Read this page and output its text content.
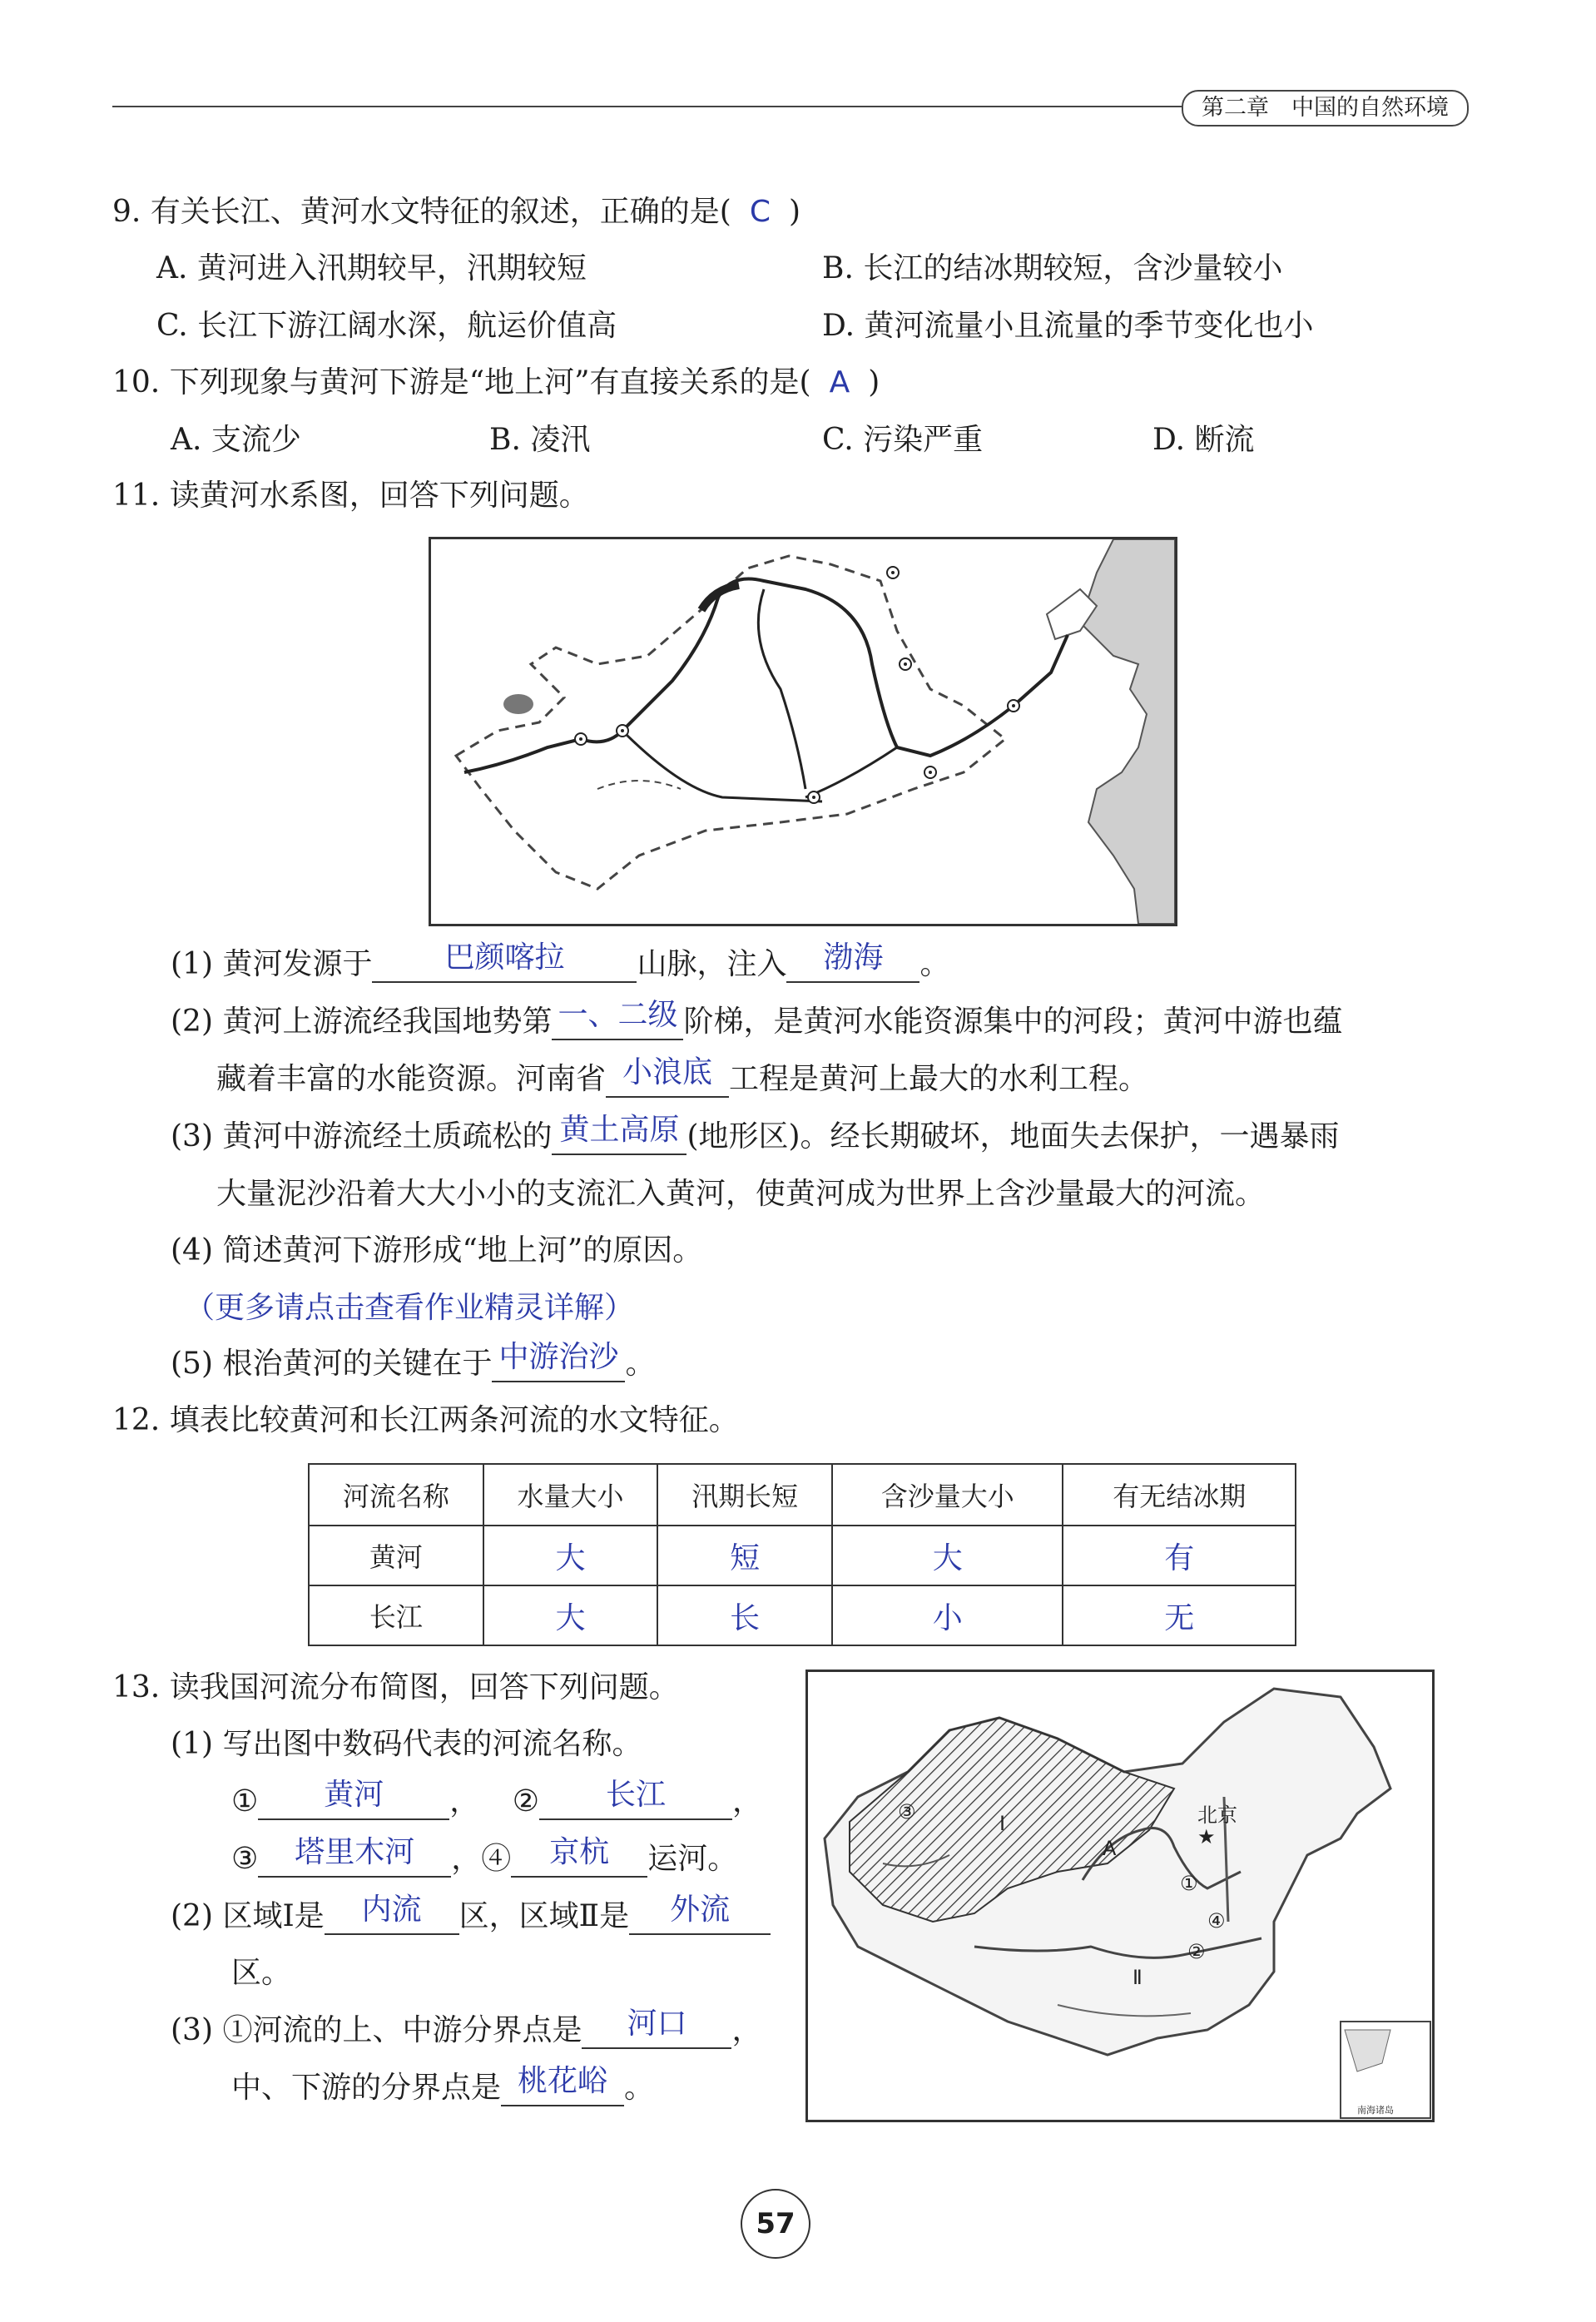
第二章　中国的自然环境
9. 有关长江、黄河水文特征的叙述，正确的是( C )
A. 黄河进入汛期较早，汛期较短	B. 长江的结冰期较短，含沙量较小
C. 长江下游江阔水深，航运价值高	D. 黄河流量小且流量的季节变化也小
10. 下列现象与黄河下游是“地上河”有直接关系的是( A )
A. 支流少	B. 凌汛	C. 污染严重	D. 断流
11. 读黄河水系图，回答下列问题。
(1) 黄河发源于 巴颜喀拉 山脉，注入 渤海 。
(2) 黄河上游流经我国地势第 一、二级 阶梯，是黄河水能资源集中的河段；黄河中游也蕴
藏着丰富的水能资源。河南省 小浪底 工程是黄河上最大的水利工程。
(3) 黄河中游流经土质疏松的 黄土高原 (地形区)。经长期破坏，地面失去保护，一遇暴雨
大量泥沙沿着大大小小的支流汇入黄河，使黄河成为世界上含沙量最大的河流。
(4) 简述黄河下游形成“地上河”的原因。
（更多请点击查看作业精灵详解）
(5) 根治黄河的关键在于 中游治沙 。
12. 填表比较黄河和长江两条河流的水文特征。
河流名称	水量大小	汛期长短	含沙量大小	有无结冰期
黄河	大	短	大	有
长江	大	长	小	无
13. 读我国河流分布简图，回答下列问题。
(1) 写出图中数码代表的河流名称。
① 黄河 ， ② 长江 ，
③ 塔里木河 ，④ 京杭 运河。
(2) 区域Ⅰ是 内流 区，区域Ⅱ是 外流
区。
(3) ①河流的上、中游分界点是 河口 ，
中、下游的分界点是 桃花峪 。
③	Ⅰ
A
北京
★
①
④
②
Ⅱ
南海诸岛
57
